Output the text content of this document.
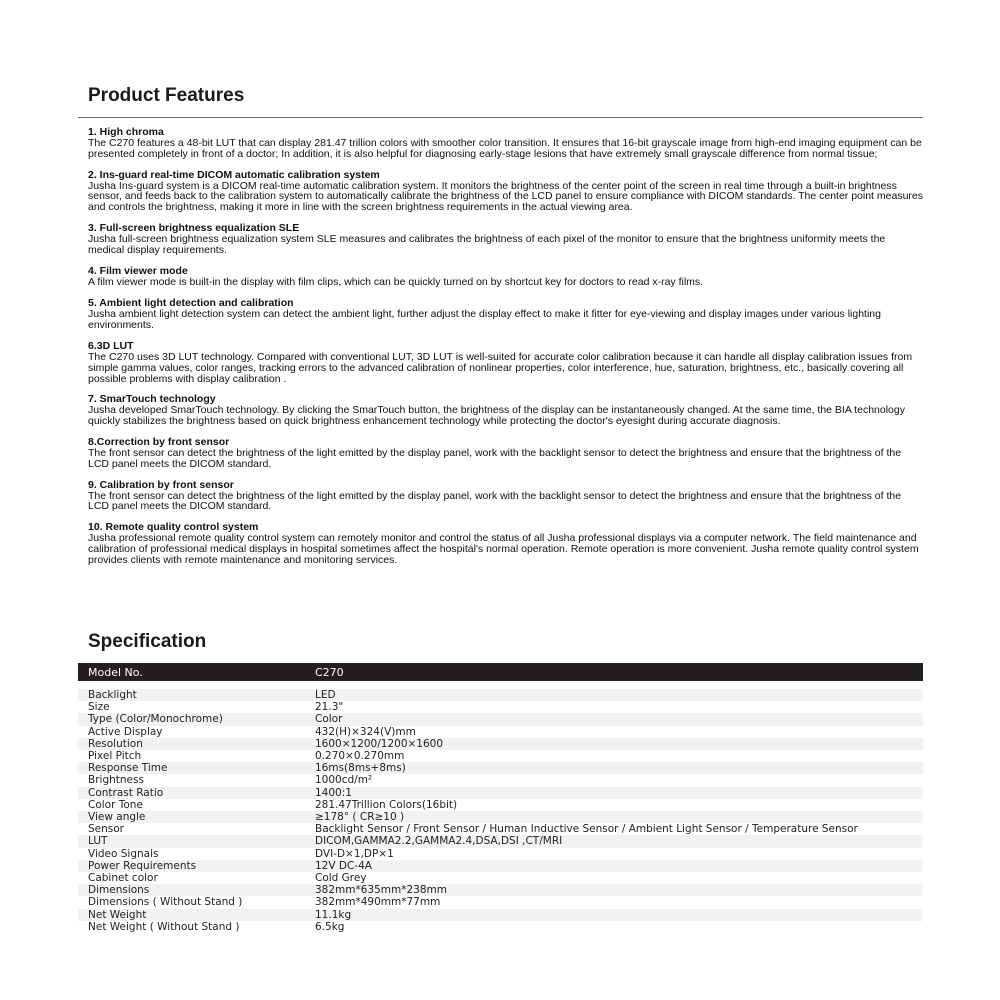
Product Features
1. High chroma
The C270 features a 48-bit LUT that can display 281.47 trillion colors with smoother color transition. It ensures that 16-bit grayscale image from high-end imaging equipment can be presented completely in front of a doctor; In addition, it is also helpful for diagnosing early-stage lesions that have extremely small grayscale difference from normal tissue;
2. Ins-guard real-time DICOM automatic calibration system
Jusha Ins-guard system is a DICOM real-time automatic calibration system. It monitors the brightness of the center point of the screen in real time through a built-in brightness sensor, and feeds back to the calibration system to automatically calibrate the brightness of the LCD panel to ensure compliance with DICOM standards. The center point measures and controls the brightness, making it more in line with the screen brightness requirements in the actual viewing area.
3. Full-screen brightness equalization SLE
Jusha full-screen brightness equalization system SLE measures and calibrates the brightness of each pixel of the monitor to ensure that the brightness uniformity meets the medical display requirements.
4. Film viewer mode
A film viewer mode is built-in the display with film clips, which can be quickly turned on by shortcut key for doctors to read x-ray films.
5. Ambient light detection and calibration
Jusha ambient light detection system can detect the ambient light, further adjust the display effect to make it fitter for eye-viewing and display images under various lighting environments.
6.3D LUT
The C270 uses 3D LUT technology. Compared with conventional LUT, 3D LUT is well-suited for accurate color calibration because it can handle all display calibration issues from simple gamma values, color ranges, tracking errors to the advanced calibration of nonlinear properties, color interference, hue, saturation, brightness, etc., basically covering all possible problems with display calibration .
7. SmarTouch technology
Jusha developed SmarTouch technology. By clicking the SmarTouch button, the brightness of the display can be instantaneously changed. At the same time, the BIA technology quickly stabilizes the brightness based on quick brightness enhancement technology while protecting the doctor's eyesight during accurate diagnosis.
8.Correction by front sensor
The front sensor can detect the brightness of the light emitted by the display panel, work with the backlight sensor to detect the brightness and ensure that the brightness of the LCD panel meets the DICOM standard.
9. Calibration by front sensor
The front sensor can detect the brightness of the light emitted by the display panel, work with the backlight sensor to detect the brightness and ensure that the brightness of the LCD panel meets the DICOM standard.
10. Remote quality control system
Jusha professional remote quality control system can remotely monitor and control the status of all Jusha professional displays via a computer network. The field maintenance and calibration of professional medical displays in hospital sometimes affect the hospital's normal operation. Remote operation is more convenient. Jusha remote quality control system provides clients with remote maintenance and monitoring services.
Specification
Model No.	C270

Backlight	LED
Size	21.3"
Type (Color/Monochrome)	Color
Active Display	432(H)×324(V)mm
Resolution	1600×1200/1200×1600
Pixel Pitch	0.270×0.270mm
Response Time	16ms(8ms+8ms)
Brightness	1000cd/m²
Contrast Ratio	1400:1
Color Tone	281.47Trillion Colors(16bit)
View angle	≥178° ( CR≥10 )
Sensor	Backlight Sensor / Front Sensor / Human Inductive Sensor / Ambient Light Sensor / Temperature Sensor
LUT	DICOM,GAMMA2.2,GAMMA2.4,DSA,DSI ,CT/MRI
Video Signals	DVI-D×1,DP×1
Power Requirements	12V DC-4A
Cabinet color	Cold Grey
Dimensions	382mm*635mm*238mm
Dimensions ( Without Stand )	382mm*490mm*77mm
Net Weight	11.1kg
Net Weight ( Without Stand )	6.5kg
